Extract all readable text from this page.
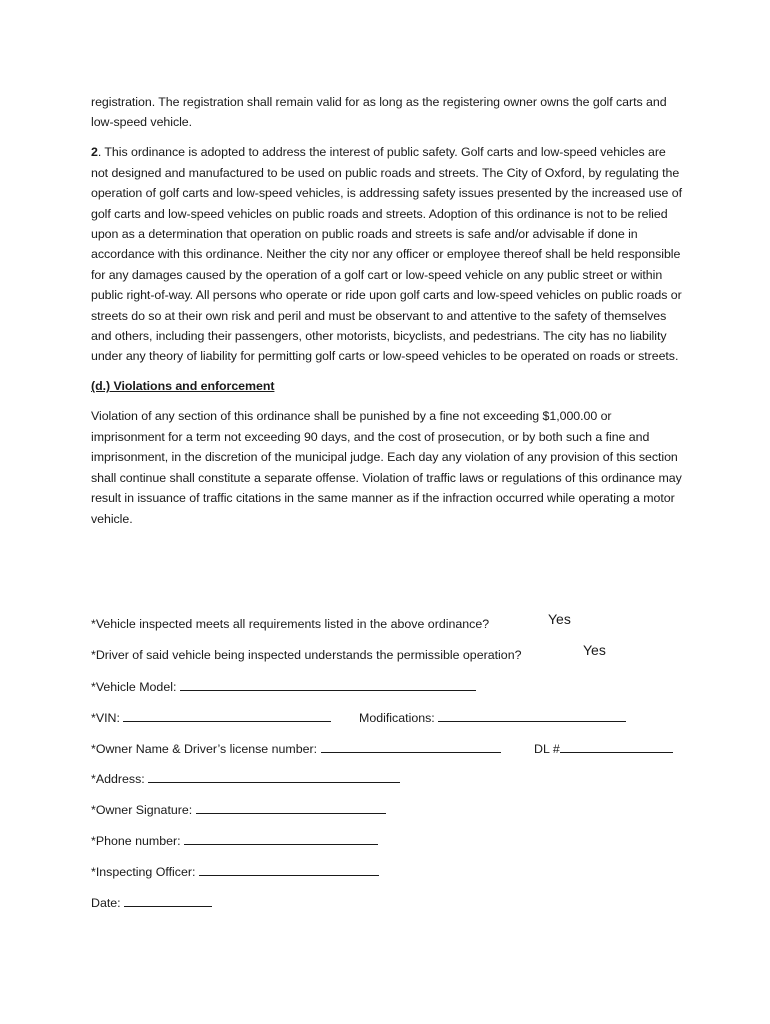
registration. The registration shall remain valid for as long as the registering owner owns the golf carts and low-speed vehicle.

2. This ordinance is adopted to address the interest of public safety. Golf carts and low-speed vehicles are not designed and manufactured to be used on public roads and streets. The City of Oxford, by regulating the operation of golf carts and low-speed vehicles, is addressing safety issues presented by the increased use of golf carts and low-speed vehicles on public roads and streets. Adoption of this ordinance is not to be relied upon as a determination that operation on public roads and streets is safe and/or advisable if done in accordance with this ordinance. Neither the city nor any officer or employee thereof shall be held responsible for any damages caused by the operation of a golf cart or low-speed vehicle on any public street or within public right-of-way. All persons who operate or ride upon golf carts and low-speed vehicles on public roads or streets do so at their own risk and peril and must be observant to and attentive to the safety of themselves and others, including their passengers, other motorists, bicyclists, and pedestrians. The city has no liability under any theory of liability for permitting golf carts or low-speed vehicles to be operated on roads or streets.

(d.) Violations and enforcement

Violation of any section of this ordinance shall be punished by a fine not exceeding $1,000.00 or imprisonment for a term not exceeding 90 days, and the cost of prosecution, or by both such a fine and imprisonment, in the discretion of the municipal judge. Each day any violation of any provision of this section shall continue shall constitute a separate offense. Violation of traffic laws or regulations of this ordinance may result in issuance of traffic citations in the same manner as if the infraction occurred while operating a motor vehicle.

*Vehicle inspected meets all requirements listed in the above ordinance?	Yes
*Driver of said vehicle being inspected understands the permissible operation?	Yes
*Vehicle Model:
*VIN:	Modifications:
*Owner Name & Driver’s license number:	DL #
*Address:
*Owner Signature:
*Phone number:
*Inspecting Officer:
Date:
